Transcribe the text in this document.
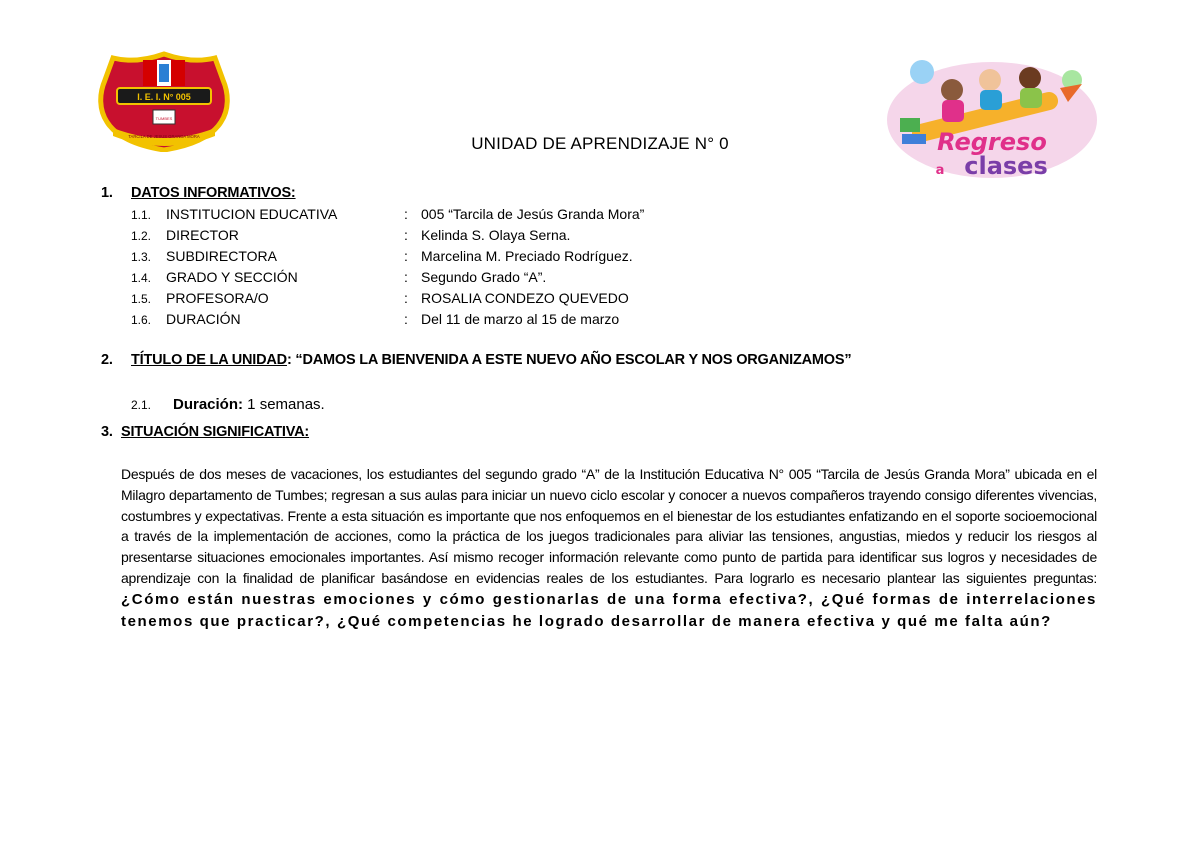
I. E. I. N° 005
TUMBES
TARCILA DE JESUS GRANDA MORA	Regreso
a clases
UNIDAD DE APRENDIZAJE N° 0
1. DATOS INFORMATIVOS:
1.1. INSTITUCION EDUCATIVA	: 005 “Tarcila de Jesús Granda Mora”
1.2. DIRECTOR	: Kelinda S. Olaya Serna.
1.3. SUBDIRECTORA	: Marcelina M. Preciado Rodríguez.
1.4. GRADO Y SECCIÓN	: Segundo Grado “A”.
1.5. PROFESORA/O	: ROSALIA CONDEZO QUEVEDO
1.6. DURACIÓN	: Del 11 de marzo al 15 de marzo
2. TÍTULO DE LA UNIDAD: “DAMOS LA BIENVENIDA A ESTE NUEVO AÑO ESCOLAR Y NOS ORGANIZAMOS”
2.1. Duración: 1 semanas.
3. SITUACIÓN SIGNIFICATIVA:
Después de dos meses de vacaciones, los estudiantes del segundo grado “A” de la Institución Educativa N° 005 “Tarcila de Jesús Granda Mora” ubicada en el Milagro departamento de Tumbes; regresan a sus aulas para iniciar un nuevo ciclo escolar y conocer a nuevos compañeros trayendo consigo diferentes vivencias, costumbres y expectativas. Frente a esta situación es importante que nos enfoquemos en el bienestar de los estudiantes enfatizando en el soporte socioemocional a través de la implementación de acciones, como la práctica de los juegos tradicionales para aliviar las tensiones, angustias, miedos y reducir los riesgos al presentarse situaciones emocionales importantes. Así mismo recoger información relevante como punto de partida para identificar sus logros y necesidades de aprendizaje con la finalidad de planificar basándose en evidencias reales de los estudiantes. Para lograrlo es necesario plantear las siguientes preguntas: ¿Cómo están nuestras emociones y cómo gestionarlas de una forma efectiva?, ¿Qué formas de interrelaciones tenemos que practicar?, ¿Qué competencias he logrado desarrollar de manera efectiva y qué me falta aún?
